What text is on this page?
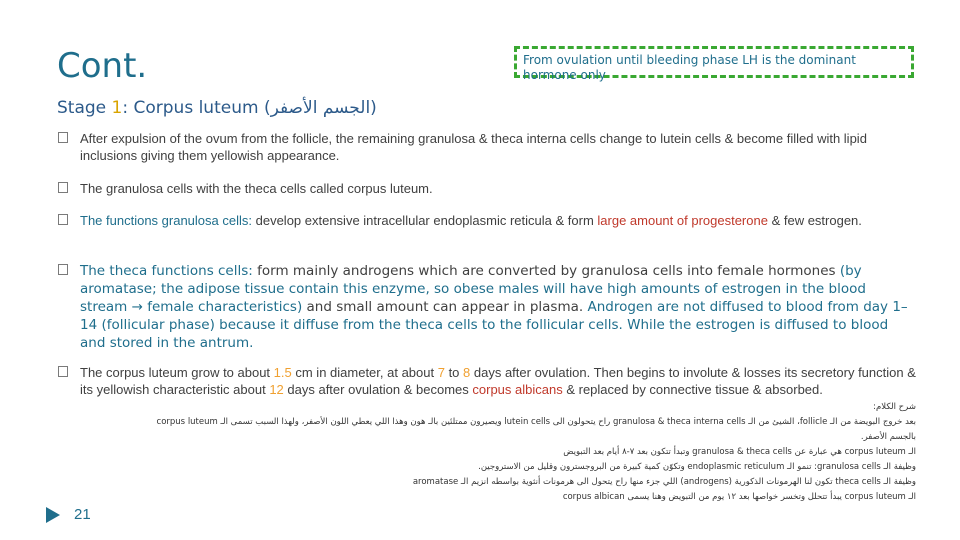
Cont.	From ovulation until bleeding phase LH is the dominant hormone only
Stage 1: Corpus luteum (الجسم الأصفر)
After expulsion of the ovum from the follicle, the remaining granulosa & theca interna cells change to lutein cells & become filled with lipid inclusions giving them yellowish appearance.
The granulosa cells with the theca cells called corpus luteum.
The functions granulosa cells: develop extensive intracellular endoplasmic reticula & form large amount of progesterone & few estrogen.
The theca functions cells: form mainly androgens which are converted by granulosa cells into female hormones (by aromatase; the adipose tissue contain this enzyme, so obese males will have high amounts of estrogen in the blood stream → female characteristics) and small amount can appear in plasma. Androgen are not diffused to blood from day 1–14 (follicular phase) because it diffuse from the theca cells to the follicular cells. While the estrogen is diffused to blood and stored in the antrum.
The corpus luteum grow to about 1.5 cm in diameter, at about 7 to 8 days after ovulation. Then begins to involute & losses its secretory function & its yellowish characteristic about 12 days after ovulation & becomes corpus albicans & replaced by connective tissue & absorbed.
شرح الكلام:
بعد خروج البويضة من الـ follicle، الشيئ من الـ granulosa & theca interna cells راح يتحولون الى lutein cells ويصيرون ممتلئين بالـ هون وهذا اللي يعطي اللون الأصفر، ولهذا السبب تسمى الـ corpus luteum
بالجسم الأصفر.
الـ corpus luteum هي عبارة عن granulosa & theca cells وتبدأ تتكون بعد ٧-٨ أيام بعد التبويض
وظيفة الـ granulosa cells: تنمو الـ endoplasmic reticulum وتكوّن كمية كبيرة من البروجسترون وقليل من الاستروجين.
وظيفة الـ theca cells تكون لنا الهرمونات الذكورية (androgens) اللي جزء منها راح يتحول الى هرمونات أنثوية بواسطه انزيم الـ aromatase
الـ corpus luteum يبدأ تتحلل وتخسر خواصها بعد ١٢ يوم من التبويض وهنا يسمى corpus albican
21
